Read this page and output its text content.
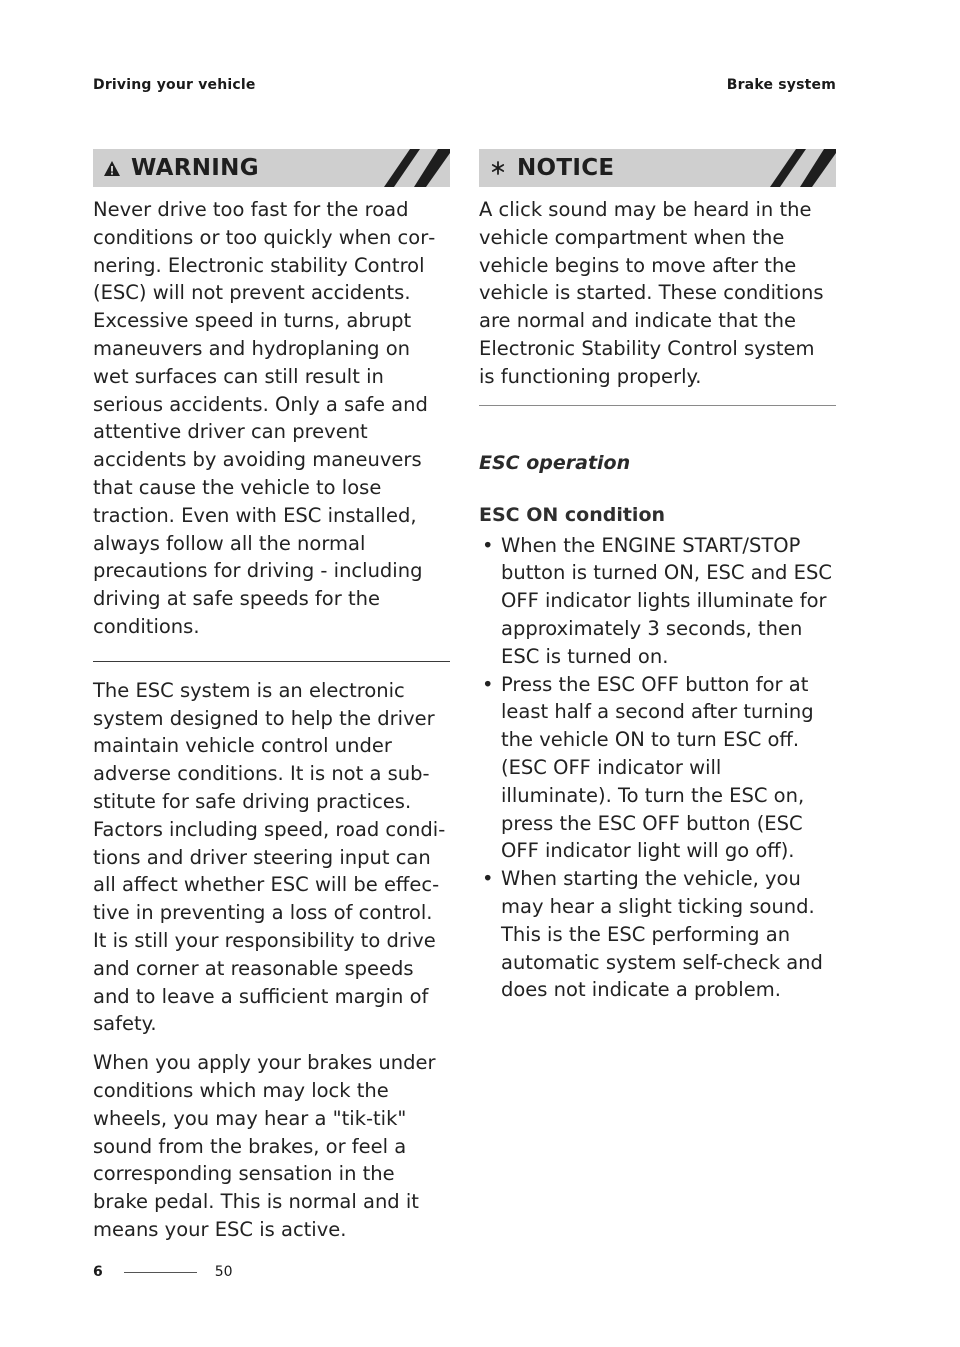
Driving your vehicle	Brake system
WARNING

Never drive too fast for the road conditions or too quickly when cornering. Electronic stability Control (ESC) will not prevent accidents. Excessive speed in turns, abrupt maneuvers and hydroplaning on wet surfaces can still result in serious accidents. Only a safe and attentive driver can prevent accidents by avoiding maneuvers that cause the vehicle to lose traction. Even with ESC installed, always follow all the normal precautions for driving - including driving at safe speeds for the conditions.

The ESC system is an electronic system designed to help the driver maintain vehicle control under adverse conditions. It is not a substitute for safe driving practices. Factors including speed, road conditions and driver steering input can all affect whether ESC will be effective in preventing a loss of control. It is still your responsibility to drive and corner at reasonable speeds and to leave a sufficient margin of safety.

When you apply your brakes under conditions which may lock the wheels, you may hear a "tik-tik" sound from the brakes, or feel a corresponding sensation in the brake pedal. This is normal and it means your ESC is active.

NOTICE

A click sound may be heard in the vehicle compartment when the vehicle begins to move after the vehicle is started. These conditions are normal and indicate that the Electronic Stability Control system is functioning properly.

ESC operation
ESC ON condition
• When the ENGINE START/STOP button is turned ON, ESC and ESC OFF indicator lights illuminate for approximately 3 seconds, then ESC is turned on.
• Press the ESC OFF button for at least half a second after turning the vehicle ON to turn ESC off. (ESC OFF indicator will illuminate). To turn the ESC on, press the ESC OFF button (ESC OFF indicator light will go off).
• When starting the vehicle, you may hear a slight ticking sound. This is the ESC performing an automatic system self-check and does not indicate a problem.
6	50
